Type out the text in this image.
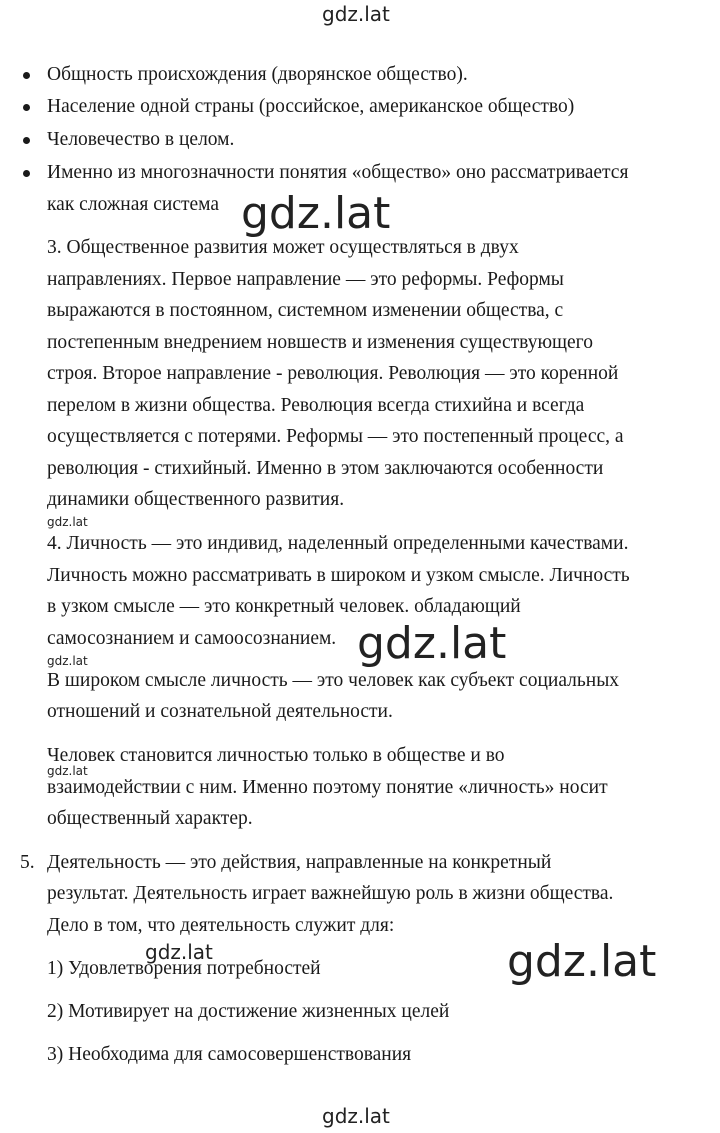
gdz.lat
gdz.lat
Общность происхождения (дворянское общество).
Население одной страны (российское, американское общество)
Человечество в целом.
Именно из многозначности понятия «общество» оно рассматривается
как сложная система
3. Общественное развития может осуществляться в двух
направлениях. Первое направление — это реформы. Реформы
выражаются в постоянном, системном изменении общества, с
постепенным внедрением новшеств и изменения существующего
строя. Второе направление - революция. Революция — это коренной
перелом в жизни общества. Революция всегда стихийна и всегда
осуществляется с потерями. Реформы — это постепенный процесс, а
революция - стихийный. Именно в этом заключаются особенности
динамики общественного развития.
gdz.lat
gdz.lat
4. Личность — это индивид, наделенный определенными качествами.
Личность можно рассматривать в широком и узком смысле. Личность
в узком смысле — это конкретный человек. обладающий
самосознанием и самоосознанием. gdz.lat
gdz.lat
В широком смысле личность — это человек как субъект социальных
отношений и сознательной деятельности.
Человек становится личностью только в обществе и во
gdz.lat
взаимодействии с ним. Именно поэтому понятие «личность» носит
общественный характер.
5. Деятельность — это действия, направленные на конкретный
результат. Деятельность играет важнейшую роль в жизни общества.
Дело в том, что деятельность служит для:
gdz.lat	gdz.lat
1) Удовлетворения потребностей
2) Мотивирует на достижение жизненных целей
3) Необходима для самосовершенствования
